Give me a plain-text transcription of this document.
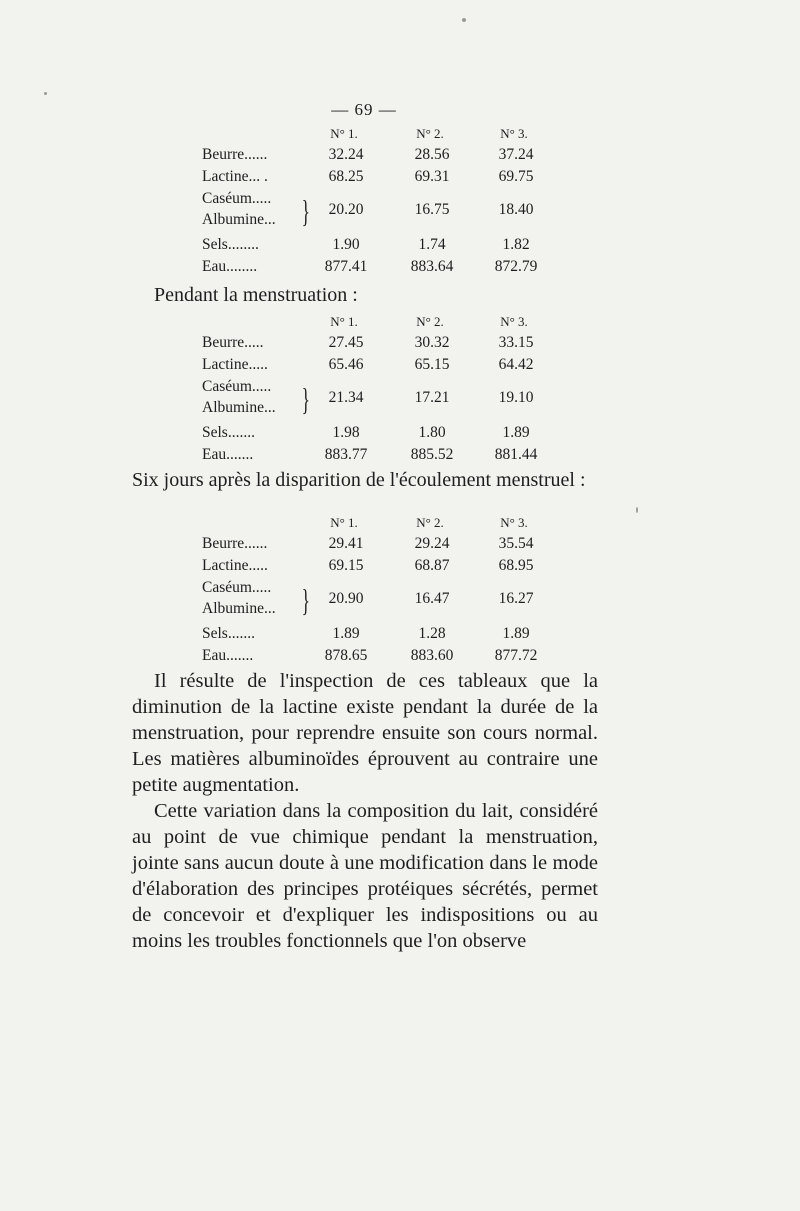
— 69 —
N° 1.	N° 2.	N° 3.
Beurre......	32.24	28.56	37.24
Lactine... .	68.25	69.31	69.75
Caséum.....
Albumine... }	20.20	16.75	18.40
Sels........	1.90	1.74	1.82
Eau........	877.41	883.64	872.79
Pendant la menstruation :
N° 1.	N° 2.	N° 3.
Beurre.....	27.45	30.32	33.15
Lactine.....	65.46	65.15	64.42
Caséum.....
Albumine... }	21.34	17.21	19.10
Sels.......	1.98	1.80	1.89
Eau.......	883.77	885.52	881.44
Six jours après la disparition de l'écoulement menstruel :
N° 1.	N° 2.	N° 3.
Beurre......	29.41	29.24	35.54
Lactine.....	69.15	68.87	68.95
Caséum.....
Albumine... }	20.90	16.47	16.27
Sels.......	1.89	1.28	1.89
Eau.......	878.65	883.60	877.72
Il résulte de l'inspection de ces tableaux que la diminution de la lactine existe pendant la durée de la menstruation, pour reprendre ensuite son cours normal. Les matières albuminoïdes éprouvent au contraire une petite augmentation.
Cette variation dans la composition du lait, considéré au point de vue chimique pendant la menstruation, jointe sans aucun doute à une modification dans le mode d'élaboration des principes protéiques sécrétés, permet de concevoir et d'expliquer les indispositions ou au moins les troubles fonctionnels que l'on observe
